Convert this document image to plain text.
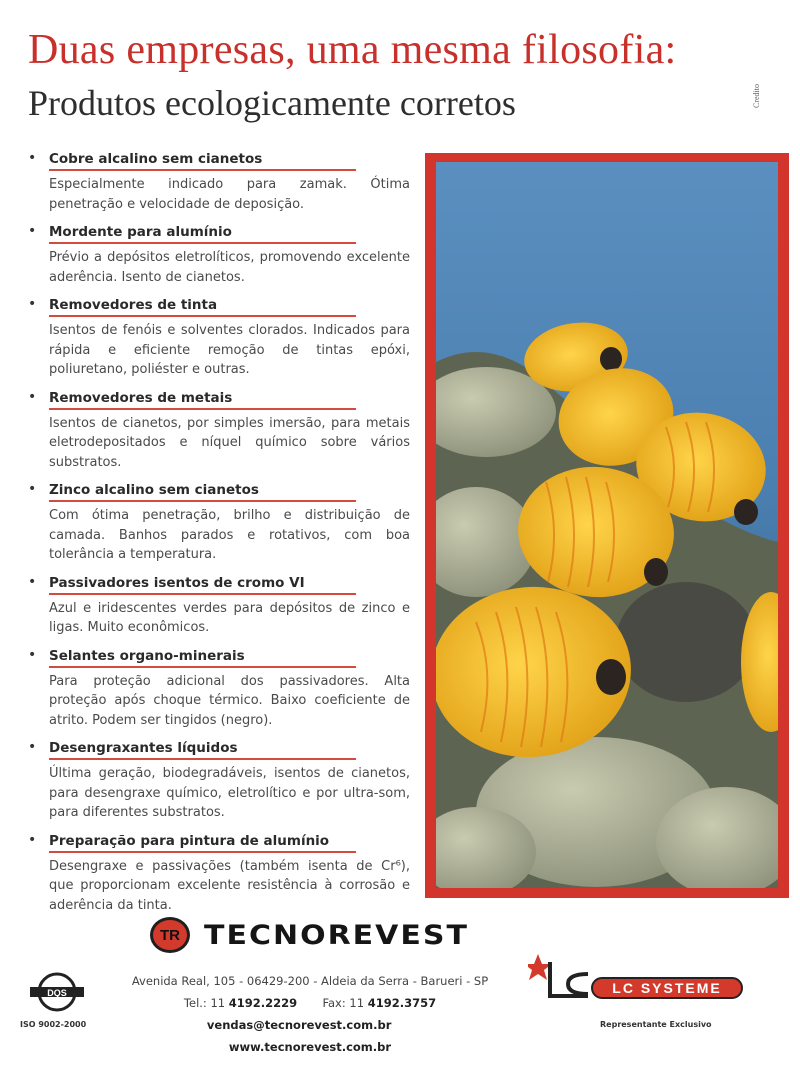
Duas empresas, uma mesma filosofia:
Produtos ecologicamente corretos	Credito
• Cobre alcalino sem cianetos
Especialmente indicado para zamak. Ótima penetração e velocidade de deposição.
• Mordente para alumínio
Prévio a depósitos eletrolíticos, promovendo excelente aderência. Isento de cianetos.
• Removedores de tinta
Isentos de fenóis e solventes clorados. Indicados para rápida e eficiente remoção de tintas epóxi, poliuretano, poliéster e outras.
• Removedores de metais
Isentos de cianetos, por simples imersão, para metais eletrodepositados e níquel químico sobre vários substratos.
• Zinco alcalino sem cianetos
Com ótima penetração, brilho e distribuição de camada. Banhos parados e rotativos, com boa tolerância a temperatura.
• Passivadores isentos de cromo VI
Azul e iridescentes verdes para depósitos de zinco e ligas. Muito econômicos.
• Selantes organo-minerais
Para proteção adicional dos passivadores. Alta proteção após choque térmico. Baixo coeficiente de atrito. Podem ser tingidos (negro).
• Desengraxantes líquidos
Última geração, biodegradáveis, isentos de cianetos, para desengraxe químico, eletrolítico e por ultra-som, para diferentes substratos.
• Preparação para pintura de alumínio
Desengraxe e passivações (também isenta de Cr⁶), que proporcionam excelente resistência à corrosão e aderência da tinta.
TR TECNOREVEST
Avenida Real, 105 - 06429-200 - Aldeia da Serra - Barueri - SP
Tel.: 11 4192.2229 Fax: 11 4192.3757
vendas@tecnorevest.com.br  www.tecnorevest.com.br
DQS
ISO 9002-2000
LC SYSTEME
Representante Exclusivo
